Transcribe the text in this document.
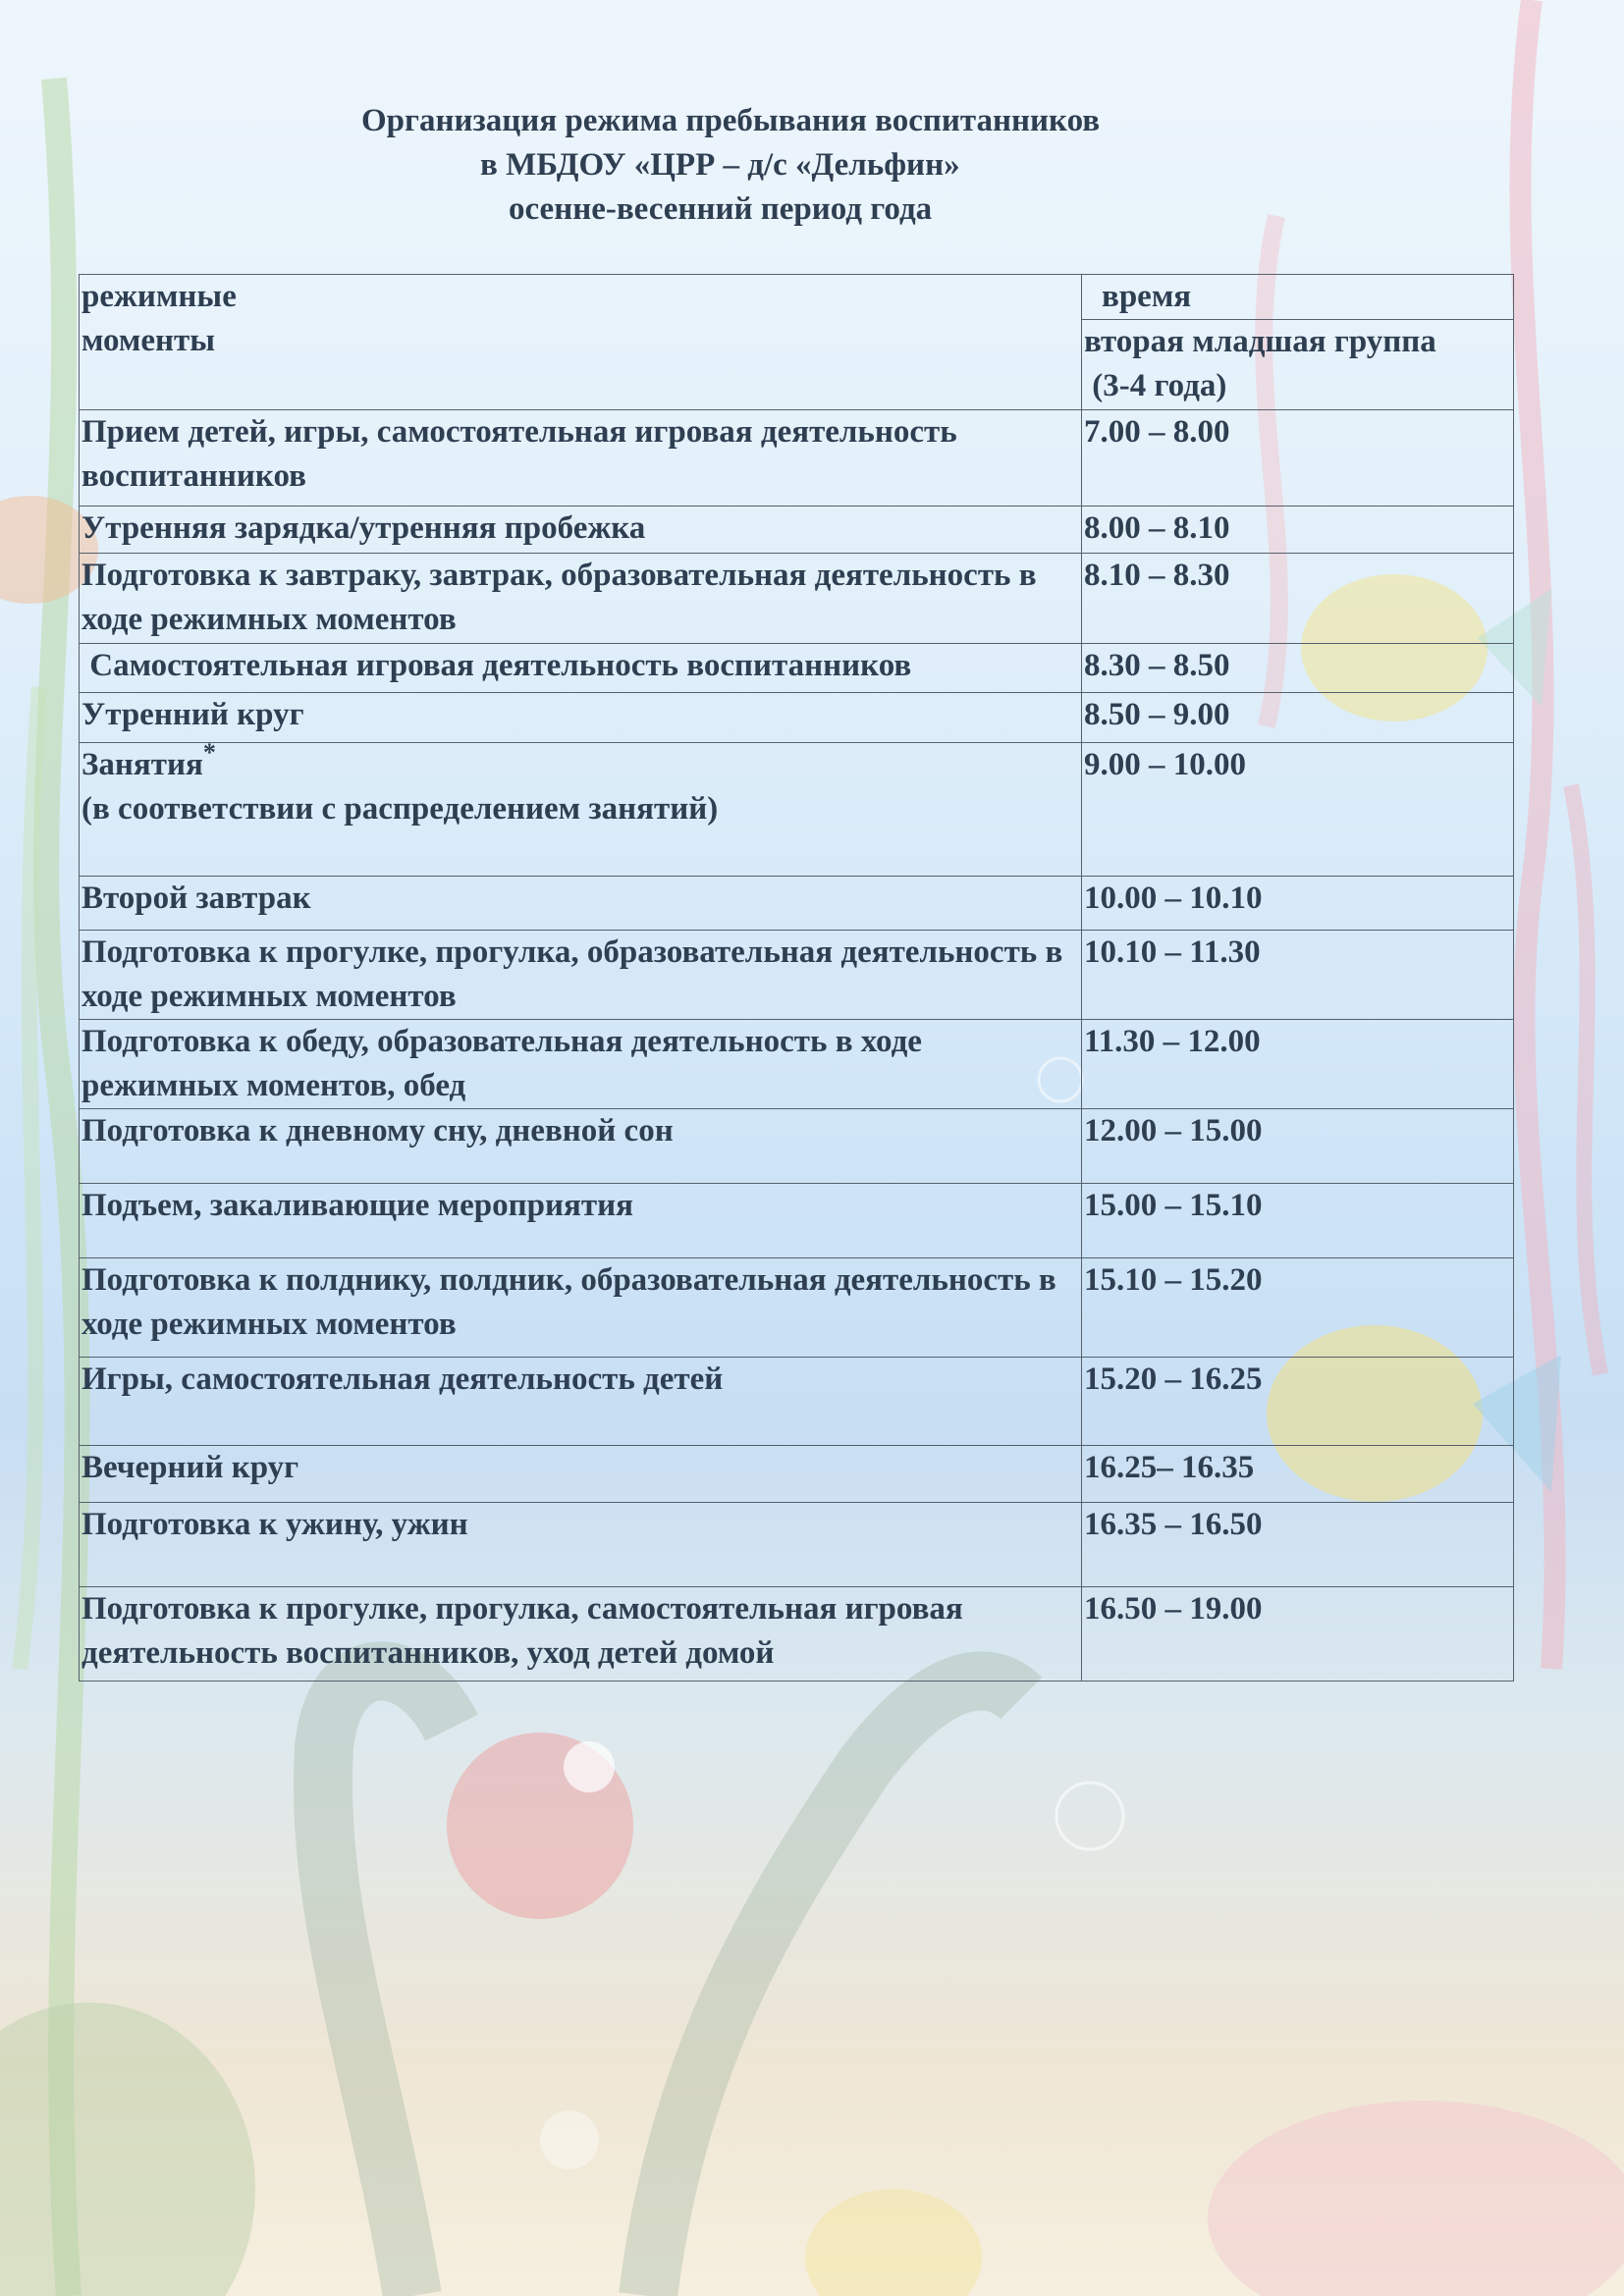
Организация режима пребывания воспитанников
в МБДОУ «ЦРР – д/с «Дельфин»
осенне-весенний период года
режимные
моменты	время

	вторая младшая группа
(3-4 года)

Прием детей, игры, самостоятельная игровая деятельность воспитанников	7.00 – 8.00
Утренняя зарядка/утренняя пробежка	8.00 – 8.10
Подготовка к завтраку, завтрак, образовательная деятельность в ходе режимных моментов	8.10 – 8.30
Самостоятельная игровая деятельность воспитанников	8.30 – 8.50
Утренний круг	8.50 – 9.00

Занятия*
(в соответствии с распределением занятий)	9.00 – 10.00
Второй завтрак	10.00 – 10.10
Подготовка к прогулке, прогулка, образовательная деятельность в ходе режимных моментов	10.10 – 11.30
Подготовка к обеду, образовательная деятельность в ходе режимных моментов, обед	11.30 – 12.00
Подготовка к дневному сну, дневной сон	12.00 – 15.00
Подъем, закаливающие мероприятия	15.00 – 15.10
Подготовка к полднику, полдник, образовательная деятельность в ходе режимных моментов	15.10 – 15.20
Игры, самостоятельная деятельность детей	15.20 – 16.25
Вечерний круг	16.25– 16.35
Подготовка к ужину, ужин	16.35 – 16.50
Подготовка к прогулке, прогулка, самостоятельная игровая деятельность воспитанников, уход детей домой	16.50 – 19.00
